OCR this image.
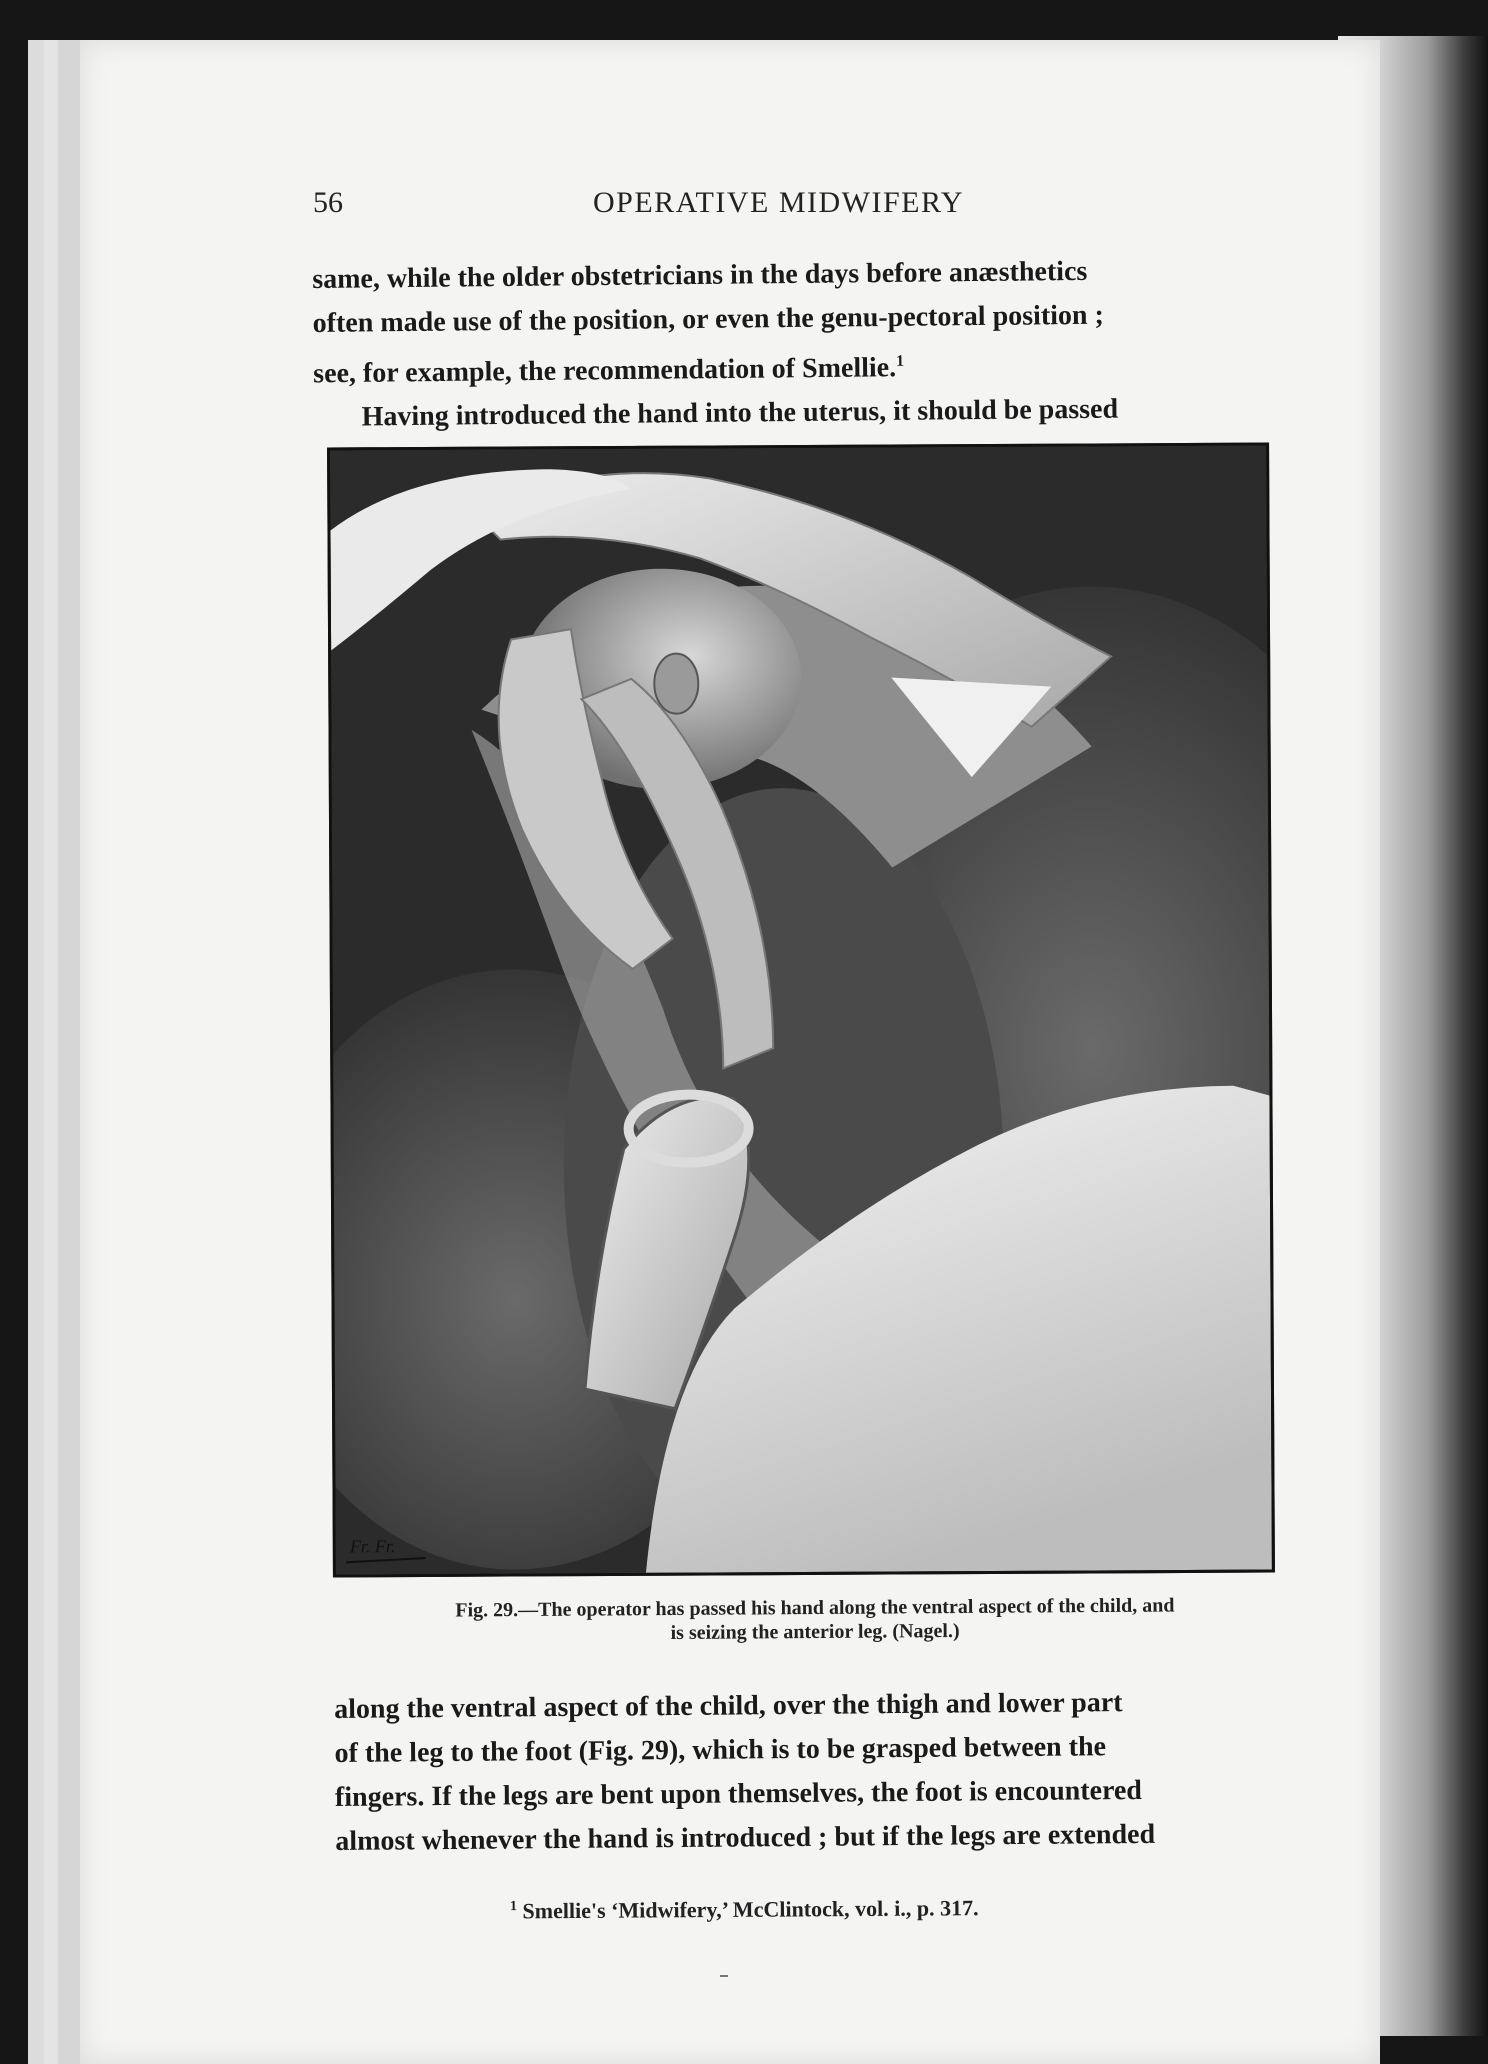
56	OPERATIVE MIDWIFERY

same, while the older obstetricians in the days before anæsthetics

often made use of the position, or even the genu-pectoral position ;

see, for example, the recommendation of Smellie.$^1$

Having introduced the hand into the uterus, it should be passed

Fr. Fr.
Fig. 29.—The operator has passed his hand along the ventral aspect of the child, and
is seizing the anterior leg. (Nagel.)

along the ventral aspect of the child, over the thigh and lower part

of the leg to the foot (Fig. 29), which is to be grasped between the

fingers. If the legs are bent upon themselves, the foot is encountered

almost whenever the hand is introduced ; but if the legs are extended

$^1$ Smellie's ‘Midwifery,’ McClintock, vol. i., p. 317.
